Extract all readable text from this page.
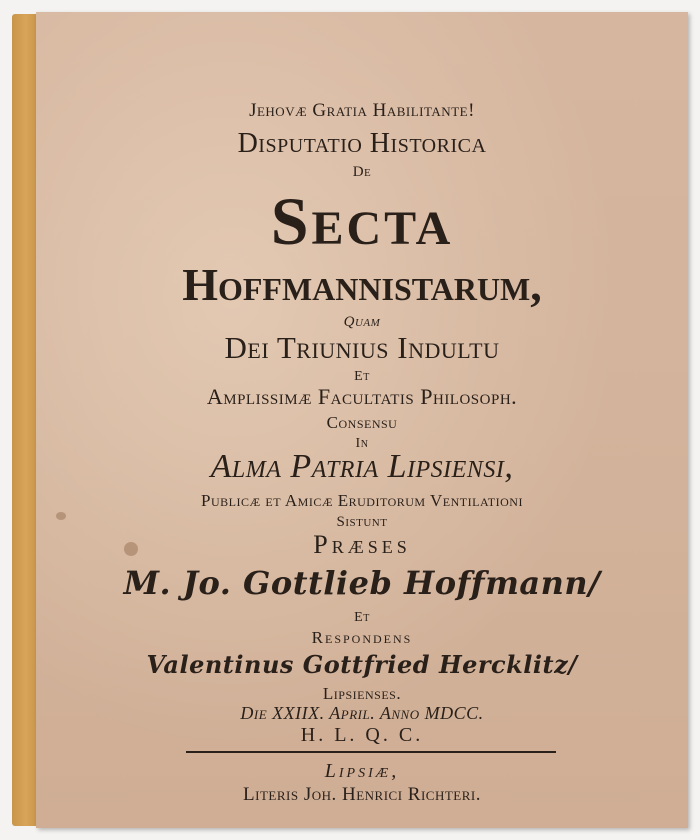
Jehovæ Gratia Habilitante!
Disputatio Historica
De
Secta
Hoffmannistarum,
Quam
Dei Triunius Indultu
Et
Amplissimæ Facultatis Philosoph.
Consensu
In
Alma Patria Lipsiensi,
Publicæ et Amicæ Eruditorum Ventilationi
Sistunt
Præses
M. Jo. Gottlieb Hoffmann/
Et
Respondens
Valentinus Gottfried Hercklitz/
Lipsienses.
Die XXIIX. April. Anno MDCC.
H. L. Q. C.
Lipsiæ,
Literis Joh. Henrici Richteri.
